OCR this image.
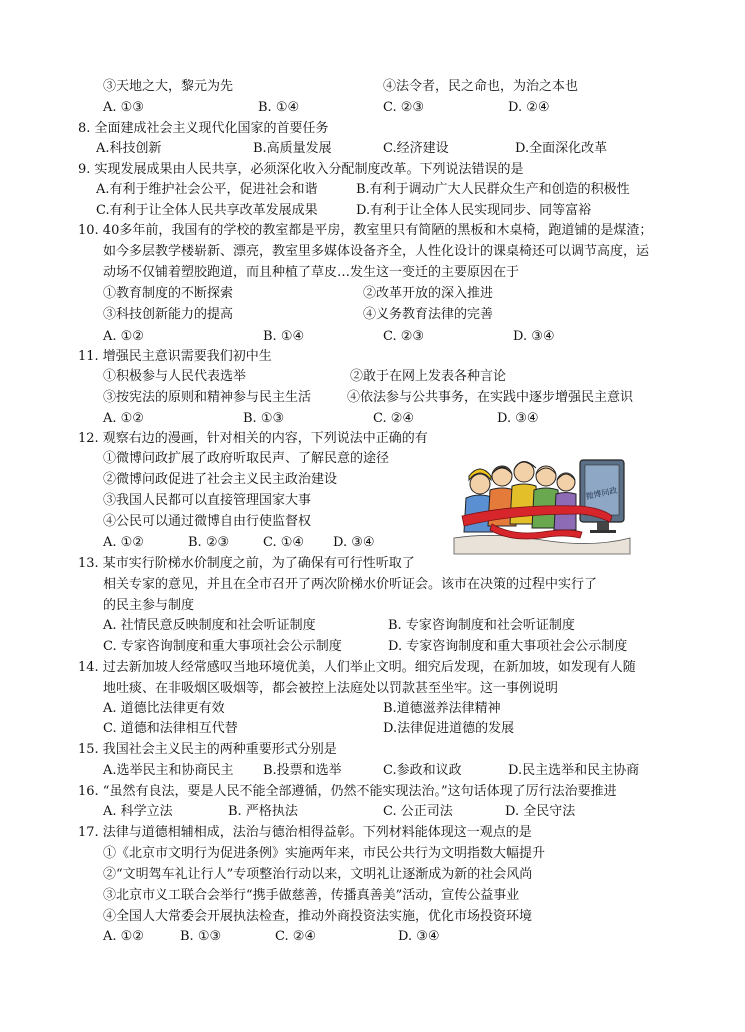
③天地之大，黎元为先	④法令者，民之命也，为治之本也
A. ①③	B. ①④	C. ②③	D. ②④
8. 全面建成社会主义现代化国家的首要任务
A.科技创新	B.高质量发展	C.经济建设	D.全面深化改革
9. 实现发展成果由人民共享，必须深化收入分配制度改革。下列说法错误的是
A.有利于维护社会公平，促进社会和谐	B.有利于调动广大人民群众生产和创造的积极性
C.有利于让全体人民共享改革发展成果	D.有利于让全体人民实现同步、同等富裕
10. 40多年前，我国有的学校的教室都是平房，教室里只有简陋的黑板和木桌椅，跑道铺的是煤渣；
如今多层教学楼崭新、漂亮，教室里多媒体设备齐全，人性化设计的课桌椅还可以调节高度，运
动场不仅铺着塑胶跑道，而且种植了草皮…发生这一变迁的主要原因在于
①教育制度的不断探索	②改革开放的深入推进
③科技创新能力的提高	④义务教育法律的完善
A. ①②	B. ①④	C. ②③	D. ③④
11. 增强民主意识需要我们初中生
①积极参与人民代表选举	②敢于在网上发表各种言论
③按宪法的原则和精神参与民主生活	④依法参与公共事务，在实践中逐步增强民主意识
A. ①②	B. ①③	C. ②④	D. ③④
12. 观察右边的漫画，针对相关的内容，下列说法中正确的有
①微博问政扩展了政府听取民声、了解民意的途径
②微博问政促进了社会主义民主政治建设
③我国人民都可以直接管理国家大事
④公民可以通过微博自由行使监督权
A. ①②	B. ②③	C. ①④ D. ③④
微博问政
13. 某市实行阶梯水价制度之前，为了确保有可行性听取了
相关专家的意见，并且在全市召开了两次阶梯水价听证会。该市在决策的过程中实行了
的民主参与制度
A. 社情民意反映制度和社会听证制度	B. 专家咨询制度和社会听证制度
C. 专家咨询制度和重大事项社会公示制度	D. 专家咨询制度和重大事项社会公示制度
14. 过去新加坡人经常感叹当地环境优美，人们举止文明。细究后发现，在新加坡，如发现有人随
地吐痰、在非吸烟区吸烟等，都会被控上法庭处以罚款甚至坐牢。这一事例说明
A. 道德比法律更有效	B.道德滋养法律精神
C. 道德和法律相互代替	D.法律促进道德的发展
15. 我国社会主义民主的两种重要形式分别是
A.选举民主和协商民主 B.投票和选举	C.参政和议政	D.民主选举和民主协商
16. “虽然有良法，要是人民不能全部遵循，仍然不能实现法治。”这句话体现了厉行法治要推进
A. 科学立法	B. 严格执法	C. 公正司法	D. 全民守法
17. 法律与道德相辅相成，法治与德治相得益彰。下列材料能体现这一观点的是
①《北京市文明行为促进条例》实施两年来，市民公共行为文明指数大幅提升
②“文明驾车礼让行人”专项整治行动以来，文明礼让逐渐成为新的社会风尚
③北京市义工联合会举行“携手做慈善，传播真善美”活动，宣传公益事业
④全国人大常委会开展执法检查，推动外商投资法实施，优化市场投资环境
A. ①②	B. ①③	C. ②④	D. ③④
